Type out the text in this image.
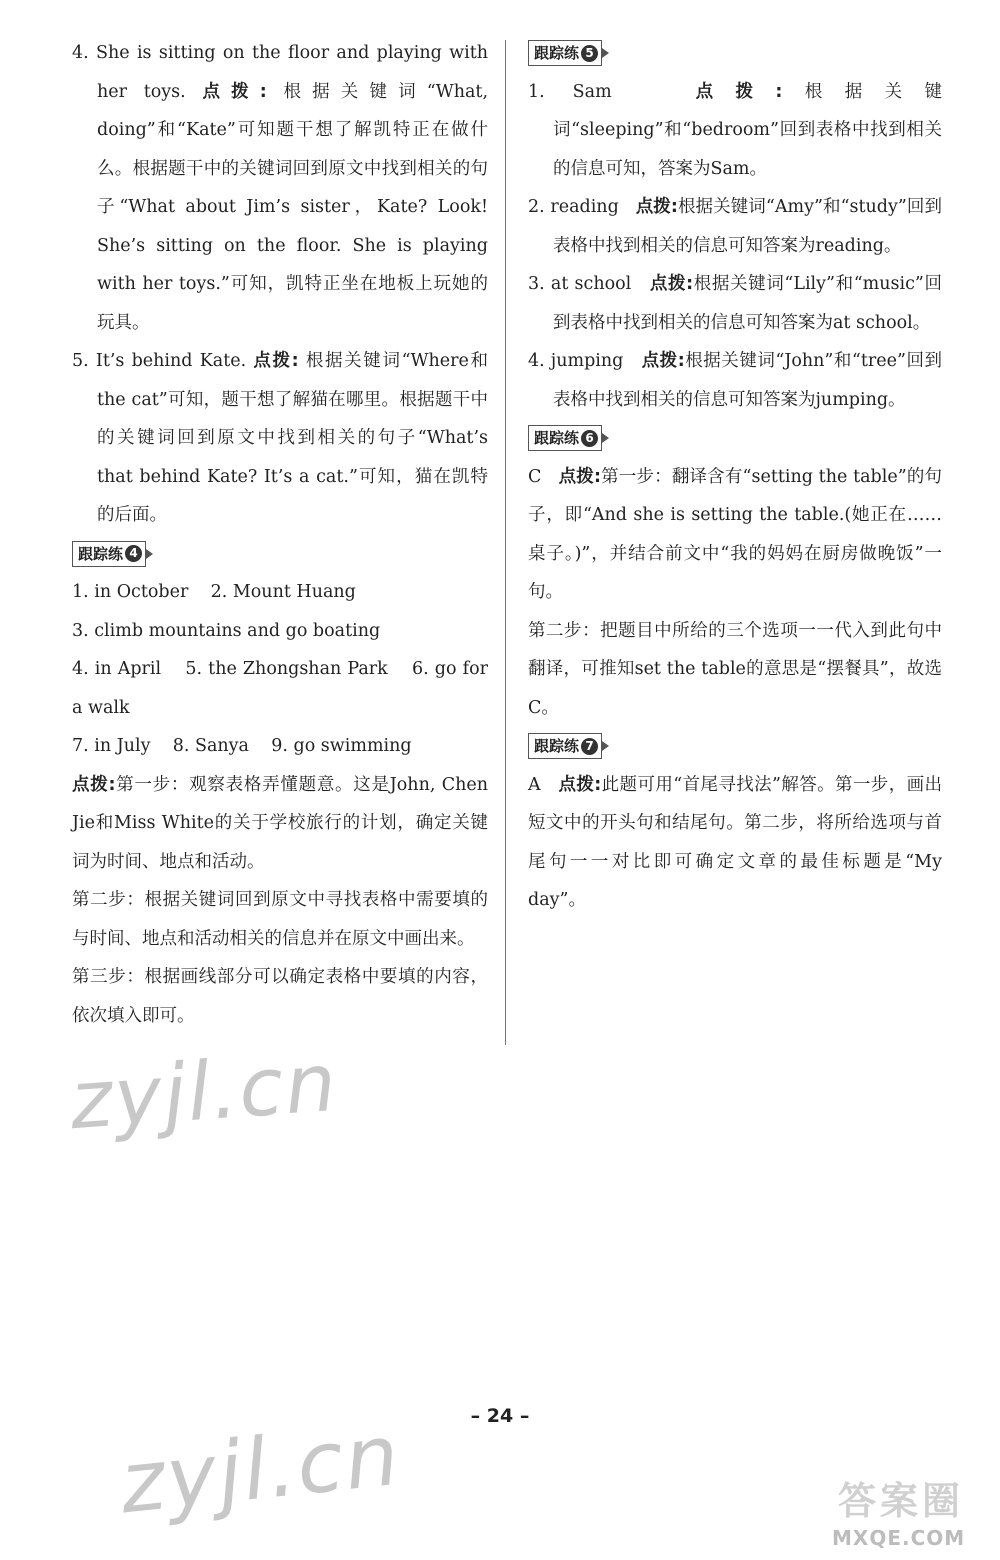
4. She is sitting on the floor and playing with her toys. 点拨: 根据关键词“What, doing”和“Kate”可知题干想了解凯特正在做什么。根据题干中的关键词回到原文中找到相关的句子“What about Jim’s sister，Kate? Look! She’s sitting on the floor. She is playing with her toys.”可知，凯特正坐在地板上玩她的玩具。

5. It’s behind Kate. 点拨: 根据关键词“Where和the cat”可知，题干想了解猫在哪里。根据题干中的关键词回到原文中找到相关的句子“What’s that behind Kate? It’s a cat.”可知，猫在凯特的后面。

跟踪练 4

1. in October    2. Mount Huang

3. climb mountains and go boating

4. in April    5. the Zhongshan Park    6. go for a walk

7. in July    8. Sanya    9. go swimming

点拨:第一步：观察表格弄懂题意。这是John, Chen Jie和Miss White的关于学校旅行的计划，确定关键词为时间、地点和活动。

第二步：根据关键词回到原文中寻找表格中需要填的与时间、地点和活动相关的信息并在原文中画出来。

第三步：根据画线部分可以确定表格中要填的内容，依次填入即可。

跟踪练 5

1. Sam	点拨:根据关键词“sleeping”和“bedroom”回到表格中找到相关的信息可知，答案为Sam。

2. reading 点拨:根据关键词“Amy”和“study”回到表格中找到相关的信息可知答案为reading。

3. at school 点拨:根据关键词“Lily”和“music”回到表格中找到相关的信息可知答案为at school。

4. jumping 点拨:根据关键词“John”和“tree”回到表格中找到相关的信息可知答案为jumping。

跟踪练 6

C 点拨:第一步：翻译含有“setting the table”的句子，即“And she is setting the table.(她正在……桌子。)”，并结合前文中“我的妈妈在厨房做晚饭”一句。

第二步：把题目中所给的三个选项一一代入到此句中翻译，可推知set the table的意思是“摆餐具”，故选C。

跟踪练 7

A 点拨:此题可用“首尾寻找法”解答。第一步，画出短文中的开头句和结尾句。第二步，将所给选项与首尾句一一对比即可确定文章的最佳标题是“My day”。

zyjl.cn
zyjl.cn	– 24 –
答案圈
MXQE.COM
